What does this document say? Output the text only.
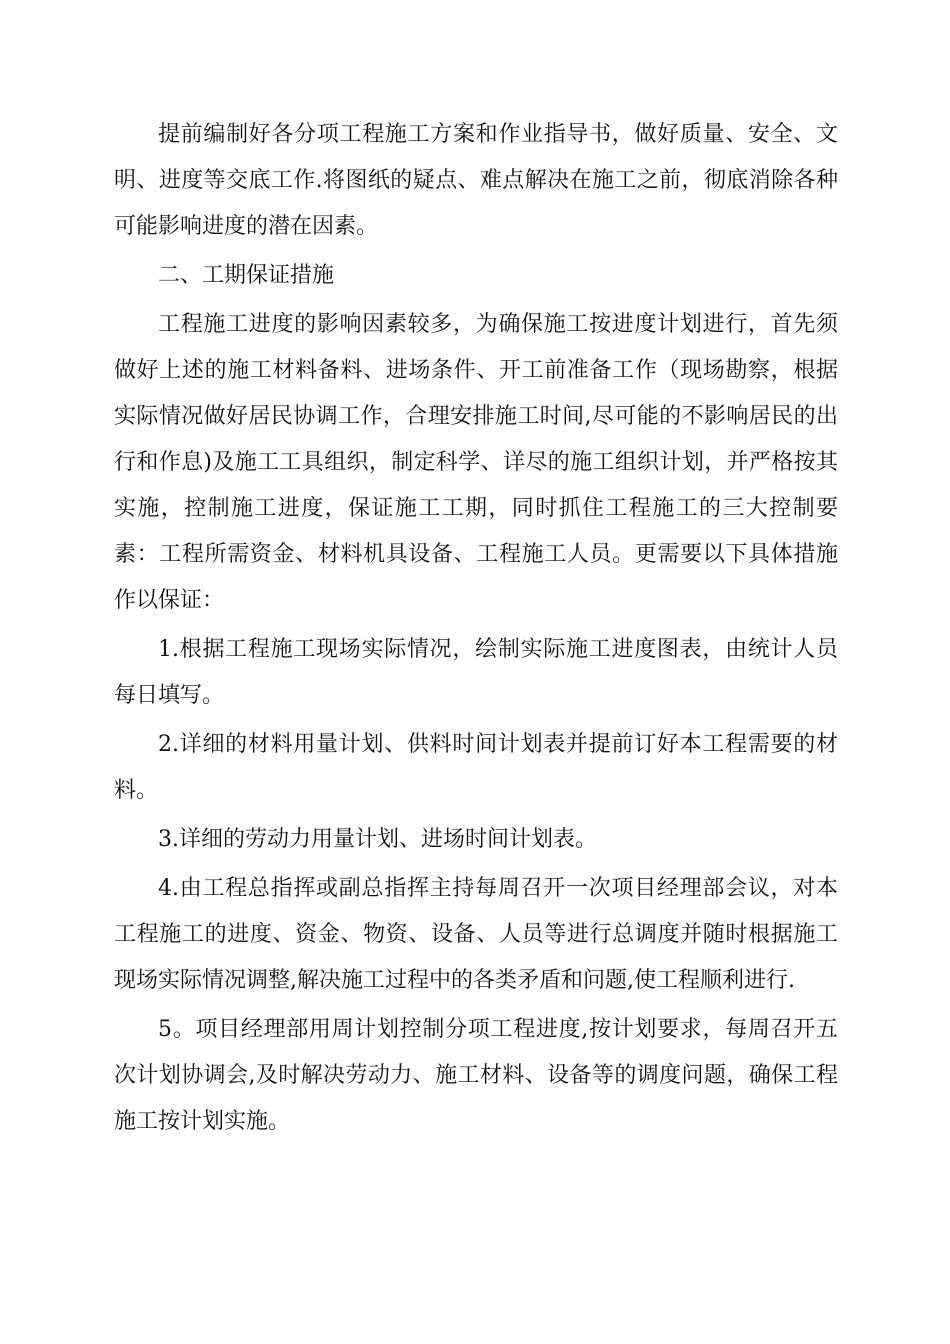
提前编制好各分项工程施工方案和作业指导书，做好质量、安全、文明、进度等交底工作.将图纸的疑点、难点解决在施工之前，彻底消除各种可能影响进度的潜在因素。

二、工期保证措施

工程施工进度的影响因素较多，为确保施工按进度计划进行，首先须做好上述的施工材料备料、进场条件、开工前准备工作（现场勘察，根据实际情况做好居民协调工作，合理安排施工时间,尽可能的不影响居民的出行和作息)及施工工具组织，制定科学、详尽的施工组织计划，并严格按其实施，控制施工进度，保证施工工期，同时抓住工程施工的三大控制要素：工程所需资金、材料机具设备、工程施工人员。更需要以下具体措施作以保证：

1.根据工程施工现场实际情况，绘制实际施工进度图表，由统计人员每日填写。

2.详细的材料用量计划、供料时间计划表并提前订好本工程需要的材料。

3.详细的劳动力用量计划、进场时间计划表。

4.由工程总指挥或副总指挥主持每周召开一次项目经理部会议，对本工程施工的进度、资金、物资、设备、人员等进行总调度并随时根据施工现场实际情况调整,解决施工过程中的各类矛盾和问题,使工程顺利进行.

5。项目经理部用周计划控制分项工程进度,按计划要求，每周召开五次计划协调会,及时解决劳动力、施工材料、设备等的调度问题，确保工程施工按计划实施。
